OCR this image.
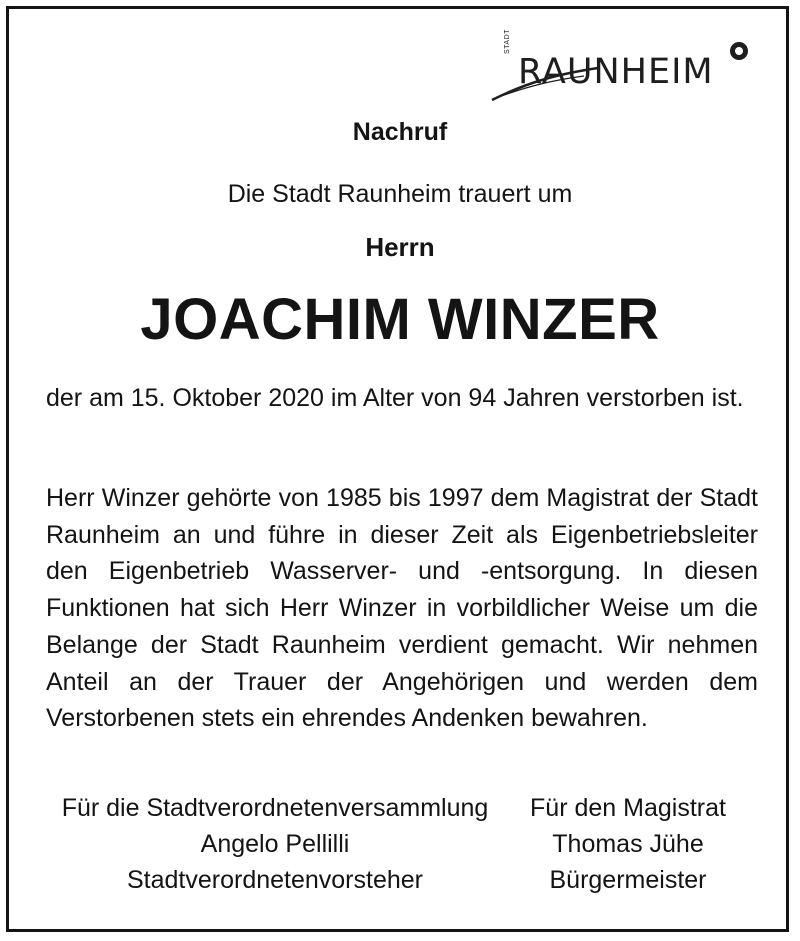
STADT
RAUNHEIM
Nachruf
Die Stadt Raunheim trauert um
Herrn
JOACHIM WINZER
der am 15. Oktober 2020 im Alter von 94 Jahren verstorben ist.
Herr Winzer gehörte von 1985 bis 1997 dem Magistrat der Stadt Raunheim an und führe in dieser Zeit als Eigenbetriebsleiter den Eigenbetrieb Wasserver- und -entsorgung. In diesen Funktionen hat sich Herr Winzer in vorbildlicher Weise um die Belange der Stadt Raunheim verdient gemacht. Wir nehmen Anteil an der Trauer der Angehörigen und werden dem Verstorbenen stets ein ehrendes Andenken bewahren.
Für die Stadtverordnetenversammlung
Angelo Pellilli
Stadtverordnetenvorsteher
Für den Magistrat
Thomas Jühe
Bürgermeister
